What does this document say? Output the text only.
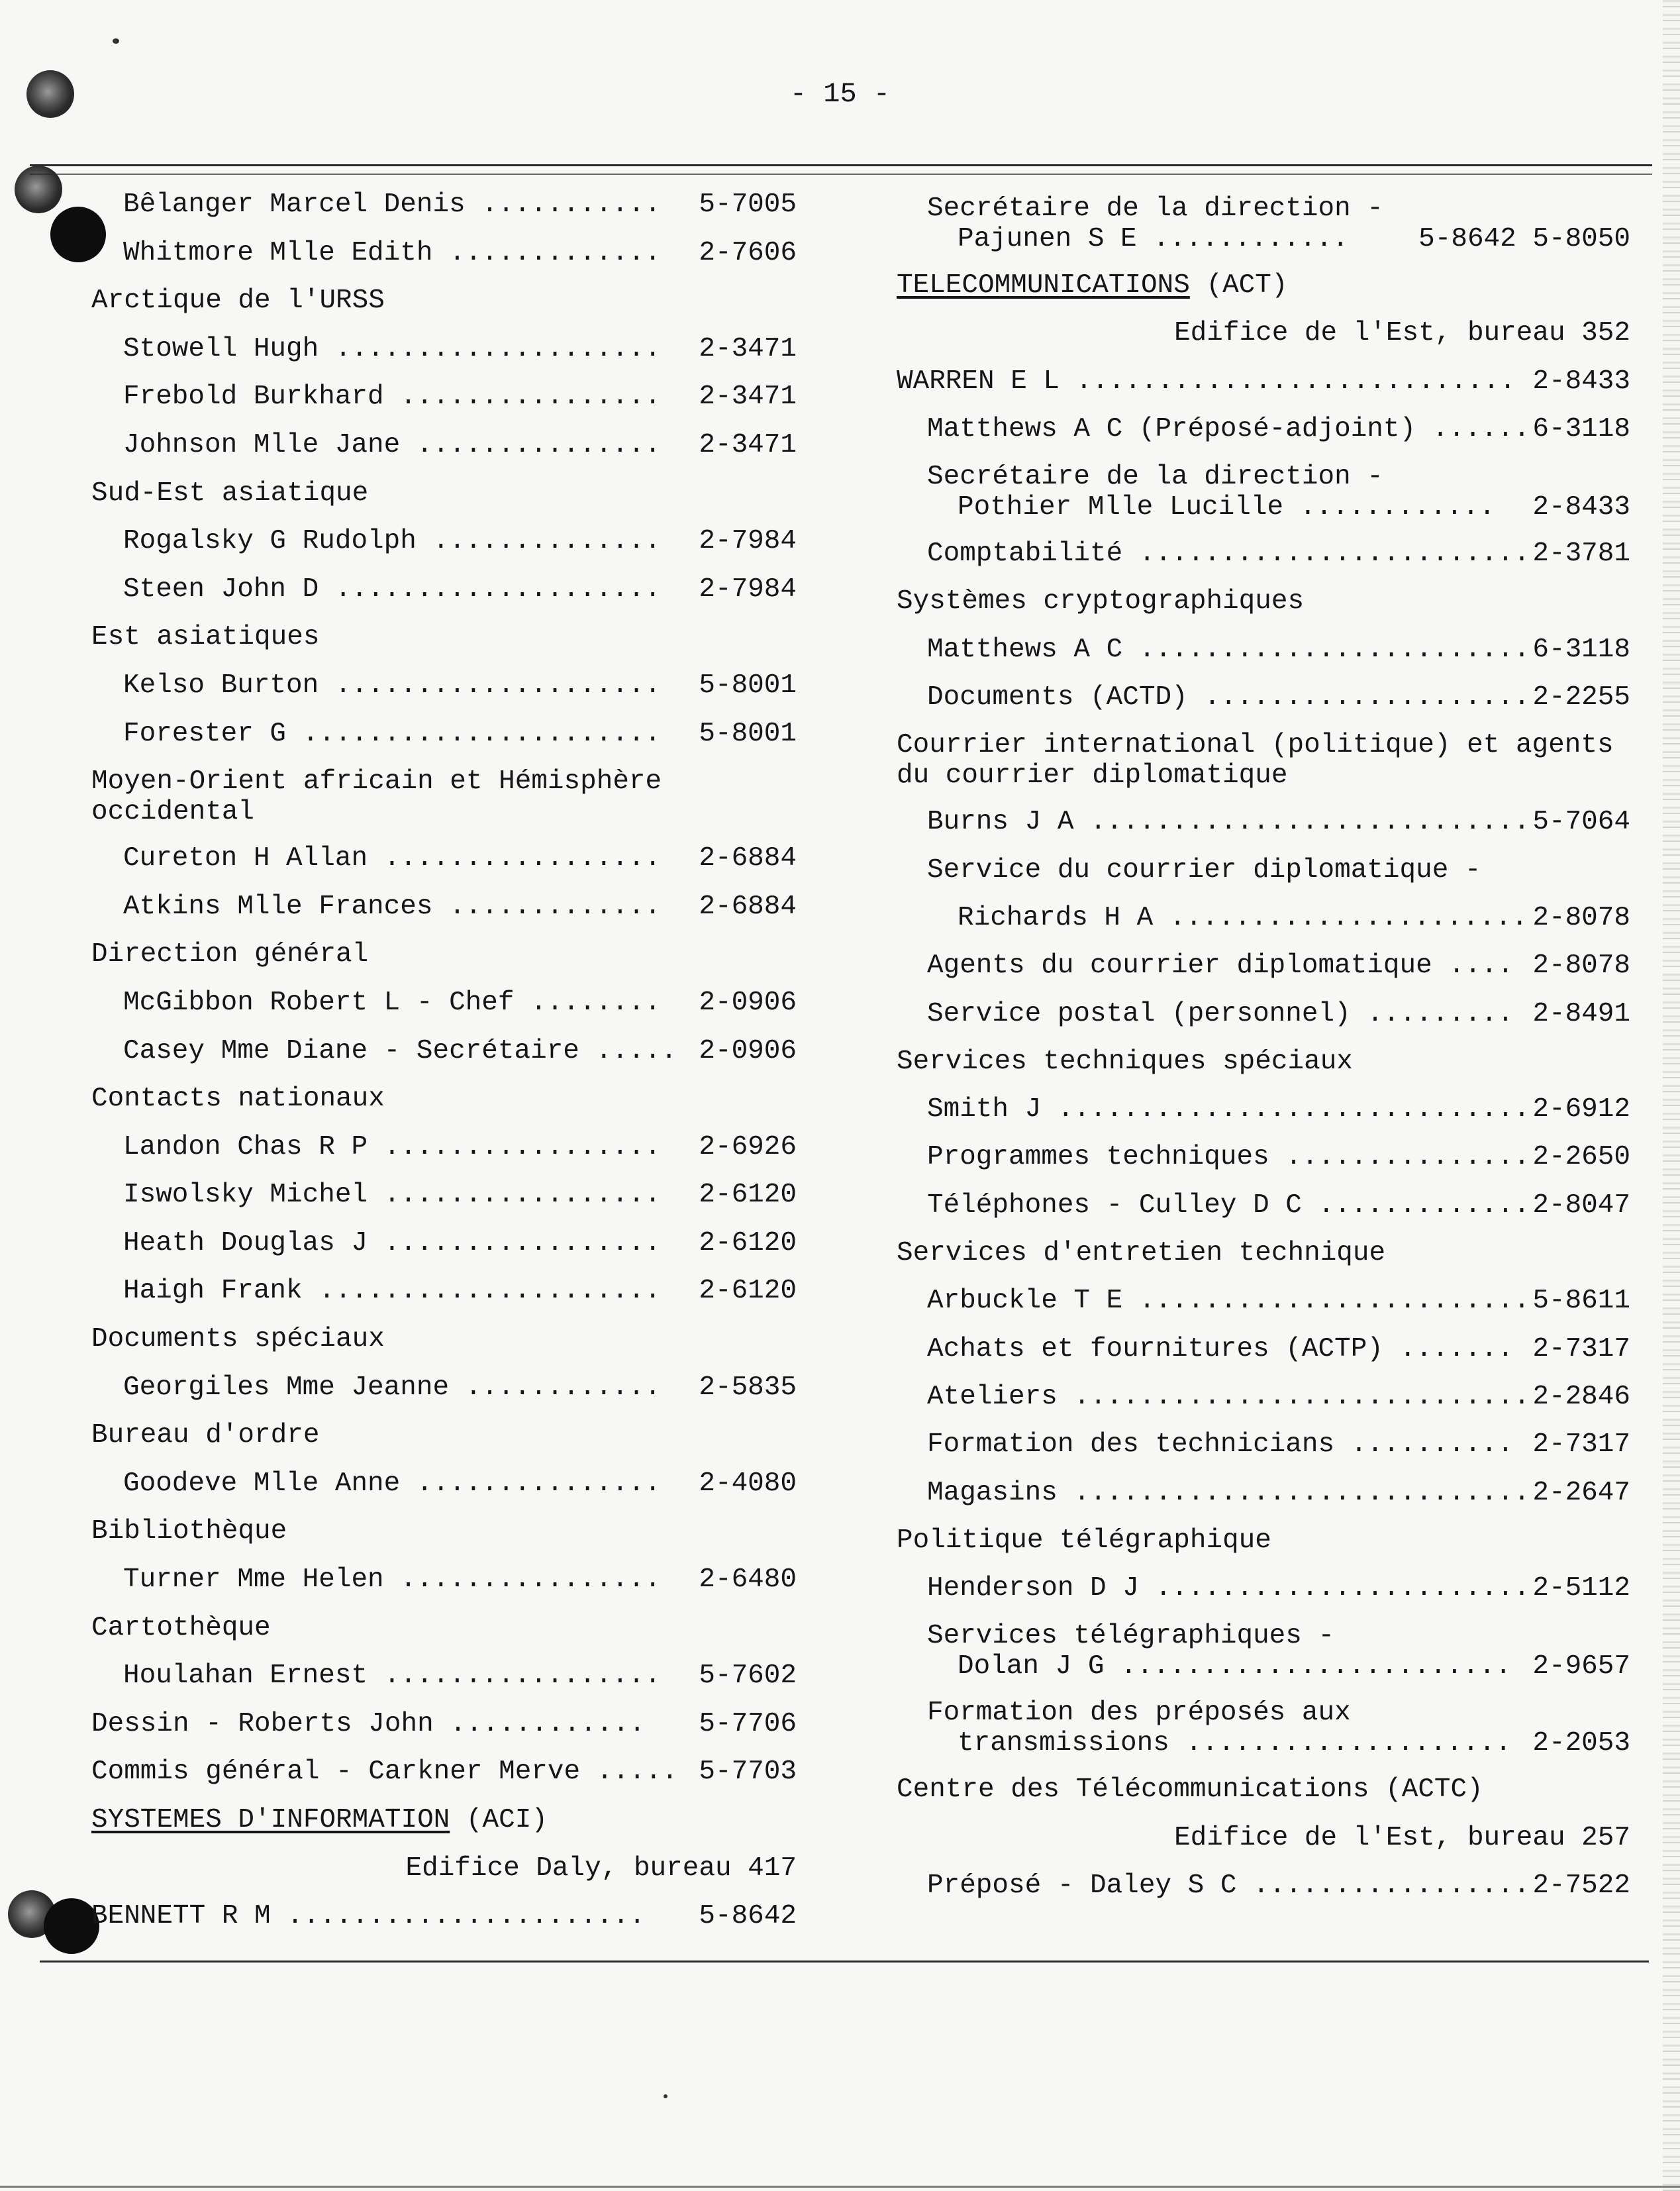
- 15 -
Bêlanger Marcel Denis ........... 5-7005
Whitmore Mlle Edith ............. 2-7606
Arctique de l'URSS
Stowell Hugh .................... 2-3471
Frebold Burkhard ................ 2-3471
Johnson Mlle Jane ............... 2-3471
Sud-Est asiatique
Rogalsky G Rudolph .............. 2-7984
Steen John D .................... 2-7984
Est asiatiques
Kelso Burton .................... 5-8001
Forester G ...................... 5-8001
Moyen-Orient africain et Hémisphère
occidental
Cureton H Allan ................. 2-6884
Atkins Mlle Frances ............. 2-6884
Direction général
McGibbon Robert L - Chef ........ 2-0906
Casey Mme Diane - Secrétaire ..... 2-0906
Contacts nationaux
Landon Chas R P ................. 2-6926
Iswolsky Michel ................. 2-6120
Heath Douglas J ................. 2-6120
Haigh Frank ..................... 2-6120
Documents spéciaux
Georgiles Mme Jeanne ............ 2-5835
Bureau d'ordre
Goodeve Mlle Anne ............... 2-4080
Bibliothèque
Turner Mme Helen ................ 2-6480
Cartothèque
Houlahan Ernest ................. 5-7602
Dessin - Roberts John ............ 5-7706
Commis général - Carkner Merve ..... 5-7703
SYSTEMES D'INFORMATION (ACI)
Edifice Daly, bureau 417
BENNETT R M ...................... 5-8642
Secrétaire de la direction -
Pajunen S E ............	5-8642 5-8050
TELECOMMUNICATIONS (ACT)
Edifice de l'Est, bureau 352
WARREN E L ........................... 2-8433
Matthews A C (Préposé-adjoint) ...... 6-3118
Secrétaire de la direction -
Pothier Mlle Lucille ............ 2-8433
Comptabilité ........................ 2-3781
Systèmes cryptographiques
Matthews A C ........................ 6-3118
Documents (ACTD) .................... 2-2255
Courrier international (politique) et agents
du courrier diplomatique
Burns J A ........................... 5-7064
Service du courrier diplomatique -
Richards H A ...................... 2-8078
Agents du courrier diplomatique .... 2-8078
Service postal (personnel) ......... 2-8491
Services techniques spéciaux
Smith J ............................. 2-6912
Programmes techniques ............... 2-2650
Téléphones - Culley D C ............. 2-8047
Services d'entretien technique
Arbuckle T E ........................ 5-8611
Achats et fournitures (ACTP) ....... 2-7317
Ateliers ............................ 2-2846
Formation des technicians .......... 2-7317
Magasins ............................ 2-2647
Politique télégraphique
Henderson D J ....................... 2-5112
Services télégraphiques -
Dolan J G ........................ 2-9657
Formation des préposés aux
transmissions .................... 2-2053
Centre des Télécommunications (ACTC)
Edifice de l'Est, bureau 257
Préposé - Daley S C ................. 2-7522
